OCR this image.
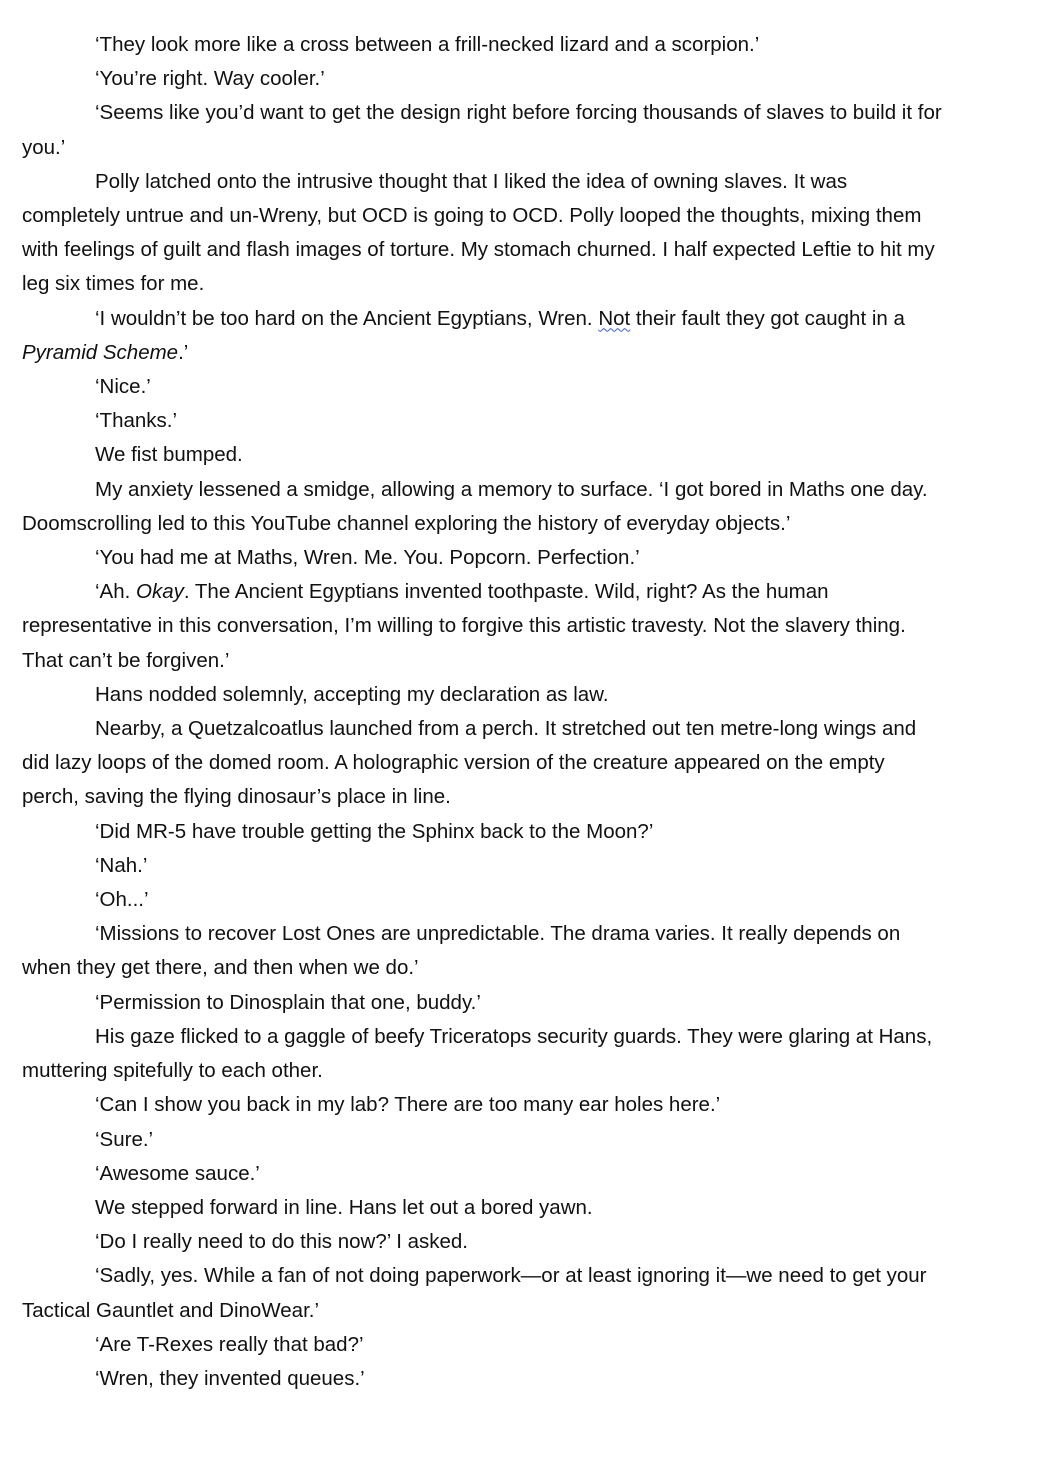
‘They look more like a cross between a frill-necked lizard and a scorpion.’

‘You’re right. Way cooler.’

‘Seems like you’d want to get the design right before forcing thousands of slaves to build it for you.’

Polly latched onto the intrusive thought that I liked the idea of owning slaves. It was completely untrue and un-Wreny, but OCD is going to OCD. Polly looped the thoughts, mixing them with feelings of guilt and flash images of torture. My stomach churned. I half expected Leftie to hit my leg six times for me.

‘I wouldn’t be too hard on the Ancient Egyptians, Wren. Not their fault they got caught in a Pyramid Scheme.’

‘Nice.’

‘Thanks.’

We fist bumped.

My anxiety lessened a smidge, allowing a memory to surface. ‘I got bored in Maths one day. Doomscrolling led to this YouTube channel exploring the history of everyday objects.’

‘You had me at Maths, Wren. Me. You. Popcorn. Perfection.’

‘Ah. Okay. The Ancient Egyptians invented toothpaste. Wild, right? As the human representative in this conversation, I’m willing to forgive this artistic travesty. Not the slavery thing. That can’t be forgiven.’

Hans nodded solemnly, accepting my declaration as law.

Nearby, a Quetzalcoatlus launched from a perch. It stretched out ten metre-long wings and did lazy loops of the domed room. A holographic version of the creature appeared on the empty perch, saving the flying dinosaur’s place in line.

‘Did MR-5 have trouble getting the Sphinx back to the Moon?’

‘Nah.’

‘Oh...’

‘Missions to recover Lost Ones are unpredictable. The drama varies. It really depends on when they get there, and then when we do.’

‘Permission to Dinosplain that one, buddy.’

His gaze flicked to a gaggle of beefy Triceratops security guards. They were glaring at Hans, muttering spitefully to each other.

‘Can I show you back in my lab? There are too many ear holes here.’

‘Sure.’

‘Awesome sauce.’

We stepped forward in line. Hans let out a bored yawn.

‘Do I really need to do this now?’ I asked.

‘Sadly, yes. While a fan of not doing paperwork—or at least ignoring it—we need to get your Tactical Gauntlet and DinoWear.’

‘Are T-Rexes really that bad?’

‘Wren, they invented queues.’
